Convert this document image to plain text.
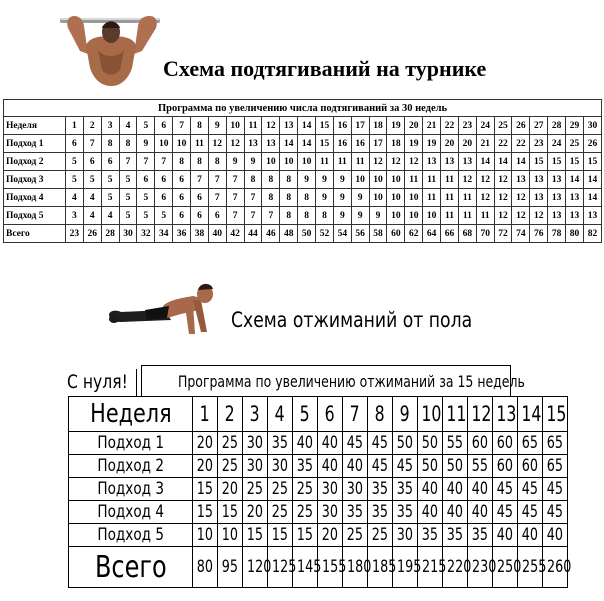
Схема подтягиваний на турнике
Программа по увеличению числа подтягиваний за 30 недель																														
Неделя	1	2	3	4	5	6	7	8	9	10	11	12	13	14	15	16	17	18	19	20	21	22	23	24	25	26	27	28	29	30
Подход 1	6	7	8	8	9	10	10	11	12	12	13	13	14	14	15	16	16	17	18	19	19	20	20	21	22	22	23	24	25	26
Подход 2	5	6	6	7	7	7	8	8	8	9	9	10	10	10	11	11	11	12	12	12	13	13	13	14	14	14	15	15	15	15
Подход 3	5	5	5	5	6	6	6	7	7	7	8	8	8	9	9	9	10	10	10	11	11	11	12	12	12	13	13	13	14	14
Подход 4	4	4	5	5	5	6	6	6	7	7	7	8	8	8	9	9	9	10	10	10	11	11	11	12	12	12	13	13	13	14
Подход 5	3	4	4	5	5	5	6	6	6	7	7	7	8	8	8	9	9	9	10	10	10	11	11	11	12	12	12	13	13	13
Всего	23	26	28	30	32	34	36	38	40	42	44	46	48	50	52	54	56	58	60	62	64	66	68	70	72	74	76	78	80	82
Схема отжиманий от пола
С нуля!	Программа по увеличению отжиманий за 15 недель
Неделя	1	2	3	4	5	6	7	8	9	10	11	12	13	14	15
Подход 1	20	25	30	35	40	40	45	45	50	50	55	60	60	65	65
Подход 2	20	25	30	30	35	40	40	45	45	50	50	55	60	60	65
Подход 3	15	20	25	25	25	30	30	35	35	40	40	40	45	45	45
Подход 4	15	15	20	25	25	30	35	35	35	40	40	40	45	45	45
Подход 5	10	10	15	15	15	20	25	25	30	35	35	35	40	40	40
Всего	80	95	120	125	145	155	180	185	195	215	220	230	250	255	260
